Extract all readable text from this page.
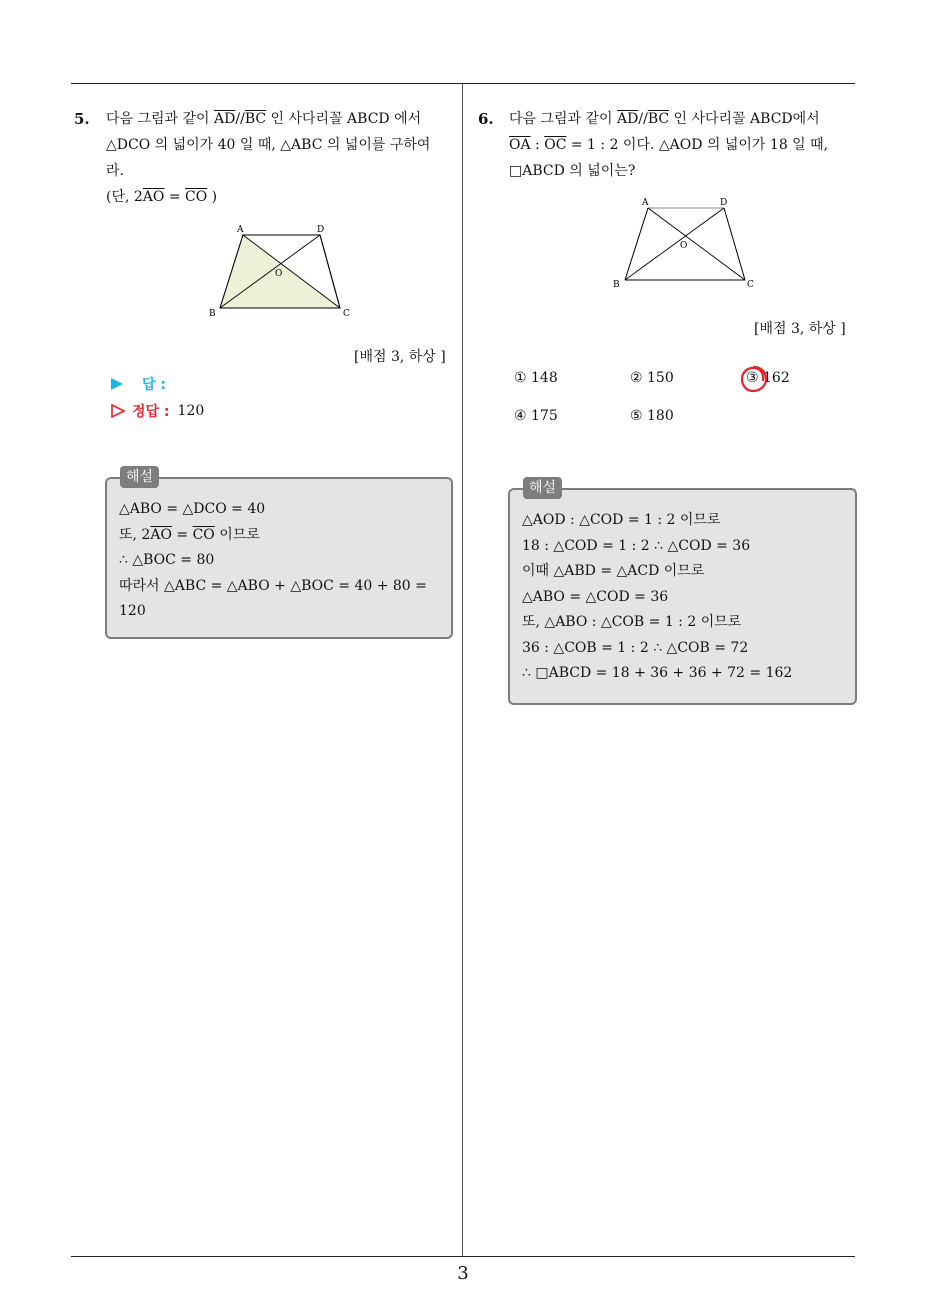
3
5. 다음 그림과 같이 $\overline{AD}//\overline{BC}$ 인 사다리꼴 ABCD 에서
△DCO 의 넓이가 40 일 때, △ABC 의 넓이를 구하여
라.
(단, $2\overline{AO} = \overline{CO}$ )
A	D
B	C
O
[배점 3, 하상 ]
답 :
정답 : 120
해설
△ABO = △DCO = 40
또, $2\overline{AO} = \overline{CO}$ 이므로
∴ △BOC = 80
따라서 △ABC = △ABO + △BOC = 40 + 80 =
120
6. 다음 그림과 같이 $\overline{AD}//\overline{BC}$ 인 사다리꼴 ABCD에서
$\overline{OA}$ : $\overline{OC} = 1$ : 2 이다. △AOD 의 넓이가 18 일 때,
□ABCD 의 넓이는?
A	D
B	C
O
[배점 3, 하상 ]
① 148	② 150	③ 162
④ 175	⑤ 180
해설
△AOD : △COD = 1 : 2 이므로
18 : △COD = 1 : 2 ∴ △COD = 36
이때 △ABD = △ACD 이므로
△ABO = △COD = 36
또, △ABO : △COB = 1 : 2 이므로
36 : △COB = 1 : 2 ∴ △COB = 72
∴ □ABCD = 18 + 36 + 36 + 72 = 162
